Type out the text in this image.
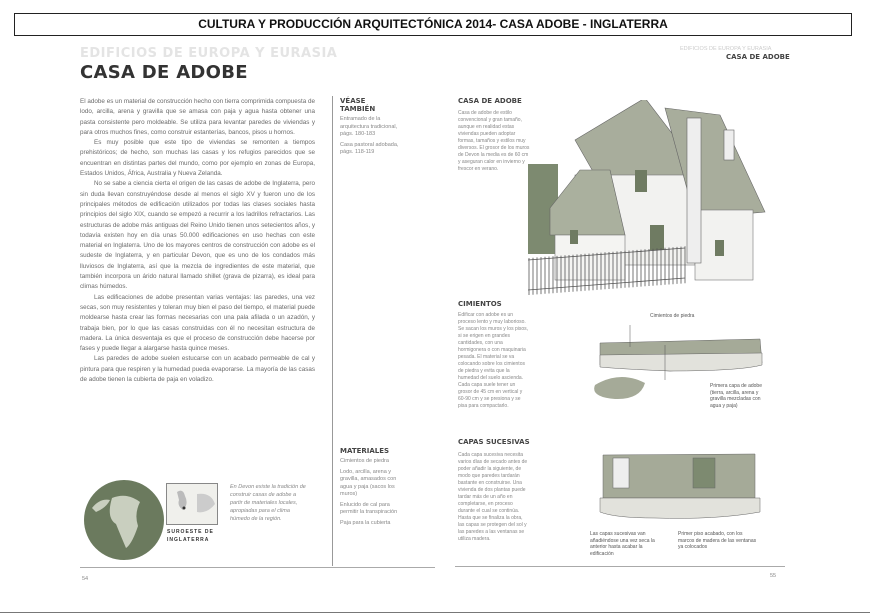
CULTURA Y PRODUCCIÓN ARQUITECTÓNICA 2014- CASA ADOBE - INGLATERRA
EDIFICIOS DE EUROPA Y EURASIA
CASA DE ADOBE

El adobe es un material de construcción hecho con tierra comprimida compuesta de lodo, arcilla, arena y gravilla que se amasa con paja y agua hasta obtener una pasta consistente pero moldeable. Se utiliza para levantar paredes de viviendas y para otros muchos fines, como construir estanterías, bancos, pisos u hornos.

Es muy posible que este tipo de viviendas se remonten a tiempos prehistóricos; de hecho, son muchas las casas y los refugios parecidos que se encuentran en distintas partes del mundo, como por ejemplo en zonas de Europa, Estados Unidos, África, Australia y Nueva Zelanda.

No se sabe a ciencia cierta el origen de las casas de adobe de Inglaterra, pero sin duda llevan construyéndose desde al menos el siglo XV y fueron uno de los principales métodos de edificación utilizados por todas las clases sociales hasta principios del siglo XIX, cuando se empezó a recurrir a los ladrillos refractarios. Las estructuras de adobe más antiguas del Reino Unido tienen unos setecientos años, y todavía existen hoy en día unas 50.000 edificaciones en uso hechas con este material en Inglaterra. Uno de los mayores centros de construcción con adobe es el sudeste de Inglaterra, y en particular Devon, que es uno de los condados más lluviosos de Inglaterra, así que la mezcla de ingredientes de este material, que también incorpora un árido natural llamado shillet (grava de pizarra), es ideal para climas húmedos.

Las edificaciones de adobe presentan varias ventajas: las paredes, una vez secas, son muy resistentes y toleran muy bien el paso del tiempo, el material puede moldearse hasta crear las formas necesarias con una pala afilada o un azadón, y trabaja bien, por lo que las casas construidas con él no necesitan estructura de madera. La única desventaja es que el proceso de construcción debe hacerse por fases y puede llegar a alargarse hasta quince meses.

Las paredes de adobe suelen estucarse con un acabado permeable de cal y pintura para que respiren y la humedad pueda evaporarse. La mayoría de las casas de adobe tienen la cubierta de paja en voladizo.

VÉASE TAMBIÉN
Entramado de la arquitectura tradicional, págs. 180-183
Casa pastoral adobada, págs. 118-119
MATERIALES
Cimientos de piedra
Lodo, arcilla, arena y gravilla, amasados con agua y paja (sacos los muros)
Enlucido de cal para permitir la transpiración
Paja para la cubierta
SUROESTE DE INGLATERRA
En Devon existe la tradición de construir casas de adobe a partir de materiales locales, apropiadas para el clima húmedo de la región.
54
EDIFICIOS DE EUROPA Y EURASIA
CASA DE ADOBE
CASA DE ADOBE
Casa de adobe de estilo convencional y gran tamaño, aunque en realidad estas viviendas pueden adoptar formas, tamaños y estilos muy diversos. El grosor de los muros de Devon la media es de 60 cm y aseguran calor en invierno y frescor en verano.
CIMIENTOS
Edificar con adobe es un proceso lento y muy laborioso. Se sacan los muros y los pisos, si se erigen en grandes cantidades, con una hormigonera o con maquinaria pesada. El material se va colocando sobre los cimientos de piedra y evita que la humedad del suelo ascienda. Cada capa suele tener un grosor de 45 cm en vertical y 60-90 cm y se presiona y se pisa para compactarlo.
Cimientos de piedra
Primera capa de adobe (tierra, arcilla, arena y gravilla mezcladas con agua y paja)
CAPAS SUCESIVAS
Cada capa sucesiva necesita varios días de secado antes de poder añadir la siguiente, de modo que paredes tardarán bastante en construirse. Una vivienda de dos plantas puede tardar más de un año en completarse, en proceso durante el cual se continúa. Hasta que se finaliza la obra, las capas se protegen del sol y las paredes a las ventanas se utiliza madera.
Las capas sucesivas van añadiéndose una vez seca la anterior hasta acabar la edificación
Primer piso acabado, con los marcos de madera de las ventanas ya colocados
55
